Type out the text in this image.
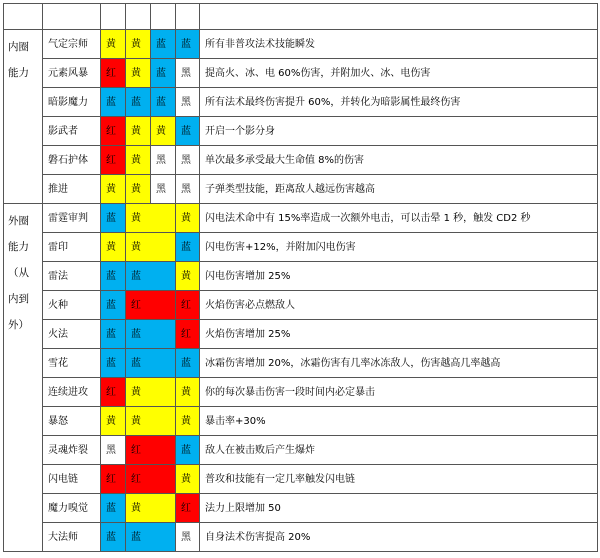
内圈能力	气定宗师	黄	黄	蓝	蓝	所有非普攻法术技能瞬发
	元素风暴	红	黄	蓝	黑	提高火、冰、电 60%伤害，并附加火、冰、电伤害
	暗影魔力	蓝	蓝	蓝	黑	所有法术最终伤害提升 60%，并转化为暗影属性最终伤害
	影武者	红	黄	黄	蓝	开启一个影分身
	磐石护体	红	黄	黑	黑	单次最多承受最大生命值 8%的伤害
	推进	黄	黄	黑	黑	子弹类型技能，距离敌人越远伤害越高
外圈能力（从内到外）	雷霆审判	蓝	黄		黄	闪电法术命中有 15%率造成一次额外电击，可以击晕 1 秒，触发 CD2 秒
	雷印	黄	黄		蓝	闪电伤害+12%，并附加闪电伤害
	雷法	蓝	蓝		黄	闪电伤害增加 25%
	火种	蓝	红		红	火焰伤害必点燃敌人
	火法	蓝	蓝		红	火焰伤害增加 25%
	雪花	蓝	蓝		蓝	冰霜伤害增加 20%，冰霜伤害有几率冰冻敌人，伤害越高几率越高
	连续进攻	红	黄		黄	你的每次暴击伤害一段时间内必定暴击
	暴怒	黄	黄		黄	暴击率+30%
	灵魂炸裂	黑	红		蓝	敌人在被击败后产生爆炸
	闪电链	红	红		黄	普攻和技能有一定几率触发闪电链
	魔力嗅觉	蓝	黄		红	法力上限增加 50
	大法师	蓝	蓝		黑	自身法术伤害提高 20%
